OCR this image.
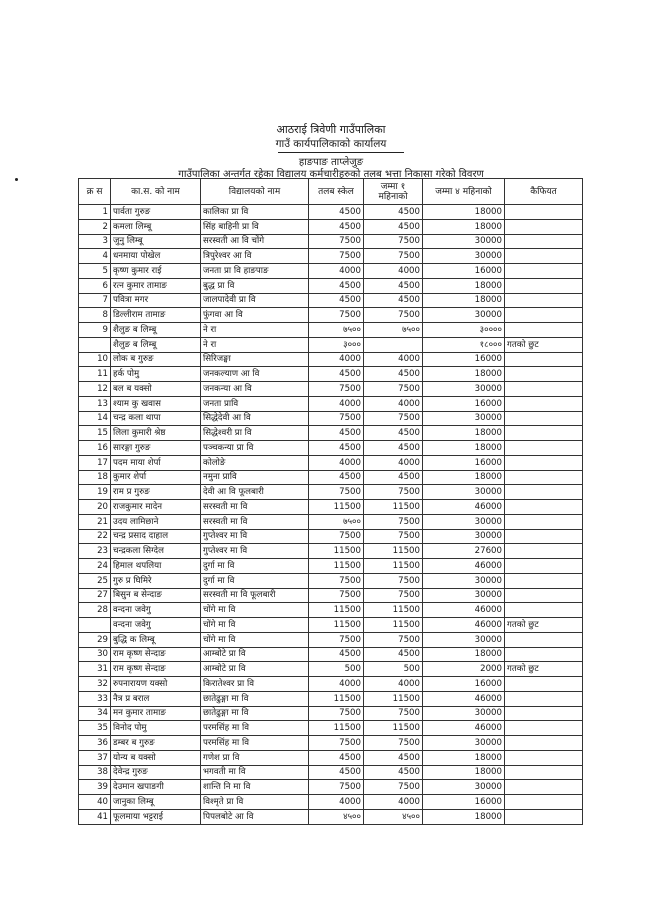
आठराई त्रिवेणी गाउँपालिका
गाउँ कार्यपालिकाको कार्यालय
हाङपाङ ताप्लेजुङ
गाउँपालिका अन्तर्गत रहेका विद्यालय कर्मचारीहरुको तलब भत्ता निकासा गरेको विवरण
क्र स	का.स. को नाम	विद्यालयको नाम	तलब स्केल	जम्मा १ महिनाको	जम्मा ४ महिनाको	कैफियत
1	पार्वता गुरुङ	कालिका प्रा वि	4500	4500	18000	
2	कमला लिम्बू	सिंह बाहिनी प्रा वि	4500	4500	18000	
3	जुनु लिम्बू	सरस्वती आ वि चोंगे	7500	7500	30000	
4	धनमाया पोखेल	त्रिपुरेश्वर आ वि	7500	7500	30000	
5	कृष्ण कुमार राई	जनता प्रा वि हाङपाङ	4000	4000	16000	
6	रत्न कुमार तामाङ	बुद्ध प्रा वि	4500	4500	18000	
7	पवित्रा मगर	जालपादेवी प्रा वि	4500	4500	18000	
8	डिल्लीराम तामाङ	फुंगवा आ वि	7500	7500	30000	
9	शैलुङ ब लिम्बू	ने रा	७५००	७५००	३००००	
	शैलुङ ब लिम्बू	ने रा	३०००		१८०००	गतको छुट
10	लोक ब गुरुङ	सिरिजङ्घा	4000	4000	16000	
11	हर्क पोमु	जनकल्याण आ वि	4500	4500	18000	
12	बल ब यक्सो	जनकन्या आ वि	7500	7500	30000	
13	श्याम कु खवास	जनता प्रावि	4000	4000	16000	
14	चन्द्र कला थापा	सिद्धेदेवी आ वि	7500	7500	30000	
15	लिला कुमारी श्रेष्ठ	सिद्धेश्वरी प्रा वि	4500	4500	18000	
16	सारङ्गा गुरुङ	पञ्चकन्या प्रा वि	4500	4500	18000	
17	पदम माया शेर्पा	कोलोङे	4000	4000	16000	
18	कुमार शेर्पा	नमुना प्रावि	4500	4500	18000	
19	राम प्र गुरुङ	देवी आ वि फूलबारी	7500	7500	30000	
20	राजकुमार मादेन	सरस्वती मा वि	11500	11500	46000	
21	उदय लामिछाने	सरस्वती मा वि	७५००	7500	30000	
22	चन्द्र प्रसाद दाहाल	गुप्तेश्वर मा वि	7500	7500	30000	
23	चन्द्रकला सिग्देल	गुप्तेश्वर मा वि	11500	11500	27600	
24	हिमाल थपलिया	दुर्गा मा वि	11500	11500	46000	
25	गुरु प्र घिमिरे	दुर्गा मा वि	7500	7500	30000	
27	बिसुन ब सेन्दाङ	सरस्वती मा वि फूलबारी	7500	7500	30000	
28	वन्दना जवेगु	चोंगे मा वि	11500	11500	46000	
	वन्दना जवेगु	चोंगे मा वि	11500	11500	46000	गतको छुट
29	बुद्धि क लिम्बू	चोंगे मा वि	7500	7500	30000	
30	राम कृष्ण सेन्दाङ	आम्बोटे प्रा वि	4500	4500	18000	
31	राम कृष्ण सेन्दाङ	आम्बोटे प्रा वि	500	500	2000	गतको छुट
32	रुपनारायण यक्सो	किरातेश्वर प्रा वि	4000	4000	16000	
33	नैत्र प्र बराल	छातेढुङ्गा मा वि	11500	11500	46000	
34	मन कुमार तामाङ	छातेढुङ्गा मा वि	7500	7500	30000	
35	विनोद पोमु	परमसिंह मा वि	11500	11500	46000	
36	डम्बर ब गुरुङ	परमसिंह मा वि	7500	7500	30000	
37	योन्य ब यक्सो	गणेश प्रा वि	4500	4500	18000	
38	देवेन्द्र गुरुङ	भगवती मा वि	4500	4500	18000	
39	देउमान खपाङगी	शान्ति नि मा वि	7500	7500	30000	
40	जानुका लिम्बू	विश्मृते प्रा वि	4000	4000	16000	
41	फूलमाया भट्टराई	पिपलबोटे आ वि	४५००	४५००	18000	
